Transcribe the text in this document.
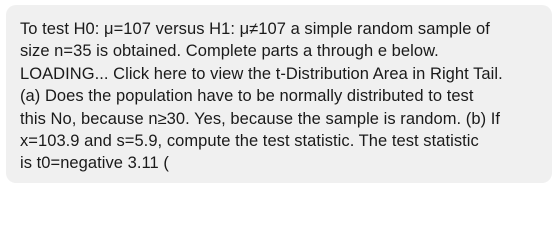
To test H0: μ=107 versus H1: μ≠107 a simple random sample of
size n=35 is obtained. Complete parts a through e below.
LOADING... Click here to view the t-Distribution Area in Right Tail.
(a) Does the population have to be normally distributed to test
this No, because n≥30. Yes, because the sample is random. (b) If
x=103.9 and s=5.9, compute the test statistic. The test statistic
is t0=negative 3.11 (
